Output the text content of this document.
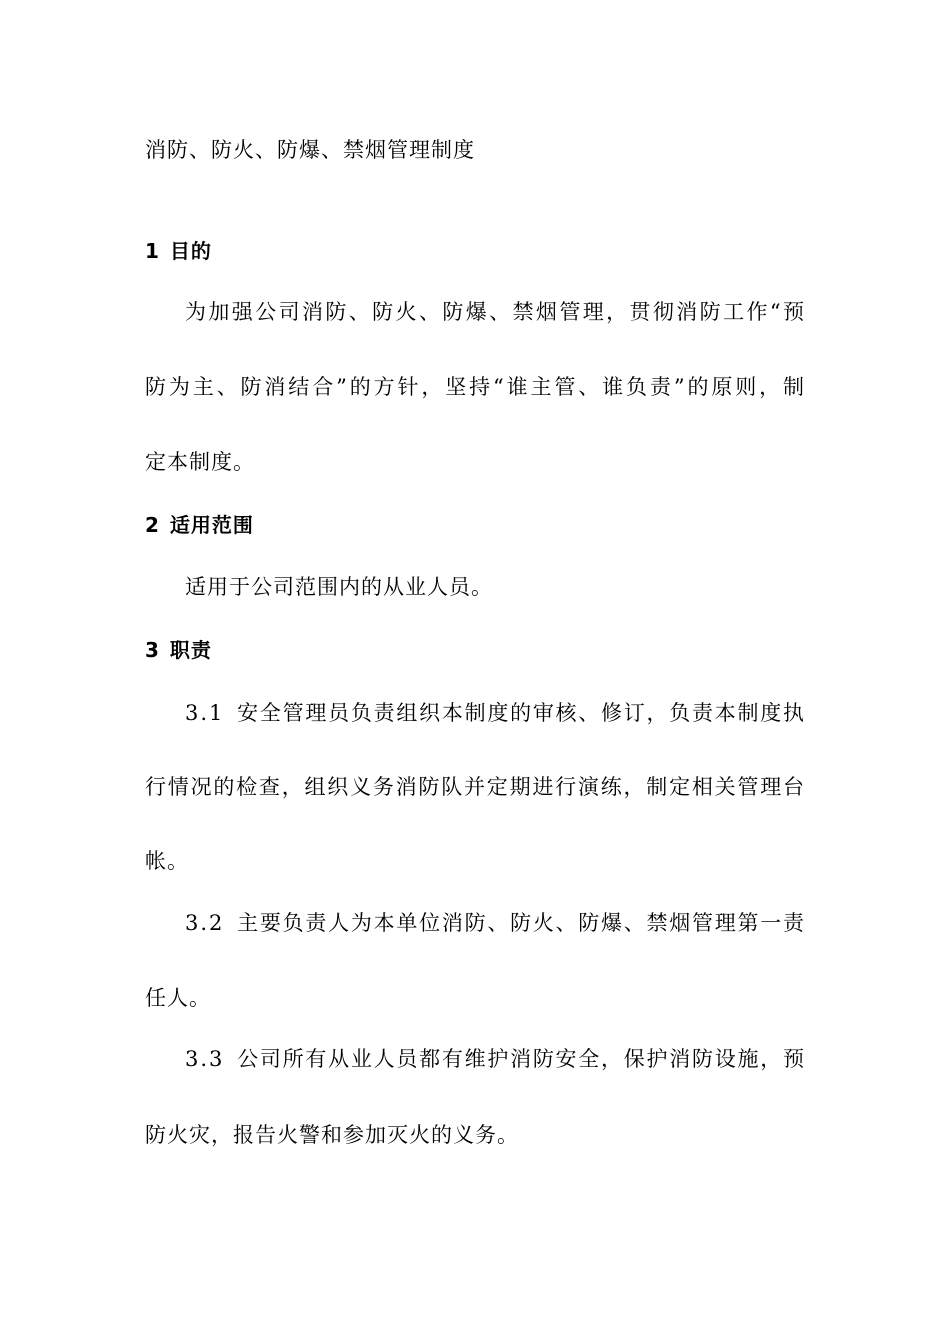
消防、防火、防爆、禁烟管理制度
1 目的
为加强公司消防、防火、防爆、禁烟管理，贯彻消防工作“预
防为主、防消结合”的方针，坚持“谁主管、谁负责”的原则，制
定本制度。
2 适用范围
适用于公司范围内的从业人员。
3 职责
3.1 安全管理员负责组织本制度的审核、修订，负责本制度执
行情况的检查，组织义务消防队并定期进行演练，制定相关管理台
帐。
3.2 主要负责人为本单位消防、防火、防爆、禁烟管理第一责
任人。
3.3 公司所有从业人员都有维护消防安全，保护消防设施，预
防火灾，报告火警和参加灭火的义务。
